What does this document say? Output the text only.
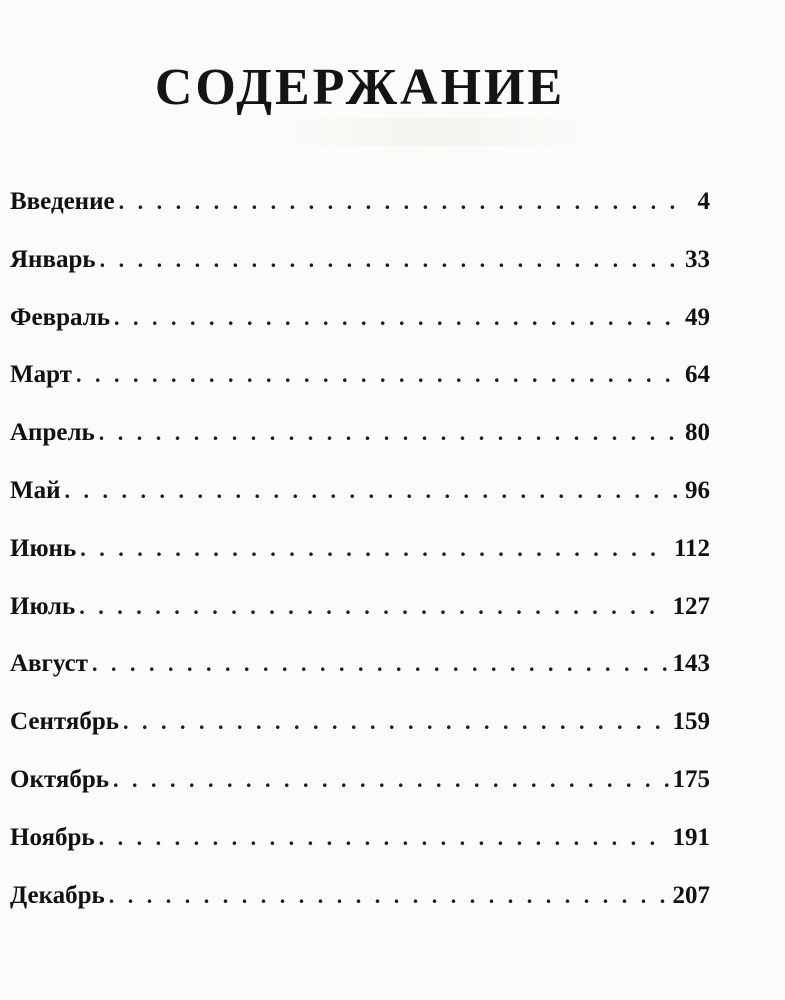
СОДЕРЖАНИЕ
Введение . . .	4
Январь . . .	33
Февраль . . .	49
Март . . .	64
Апрель . . .	80
Май . . .	96
Июнь . . .	112
Июль . . .	127
Август . . .	143
Сентябрь . . .	159
Октябрь . . .	175
Ноябрь . . .	191
Декабрь . . .	207
